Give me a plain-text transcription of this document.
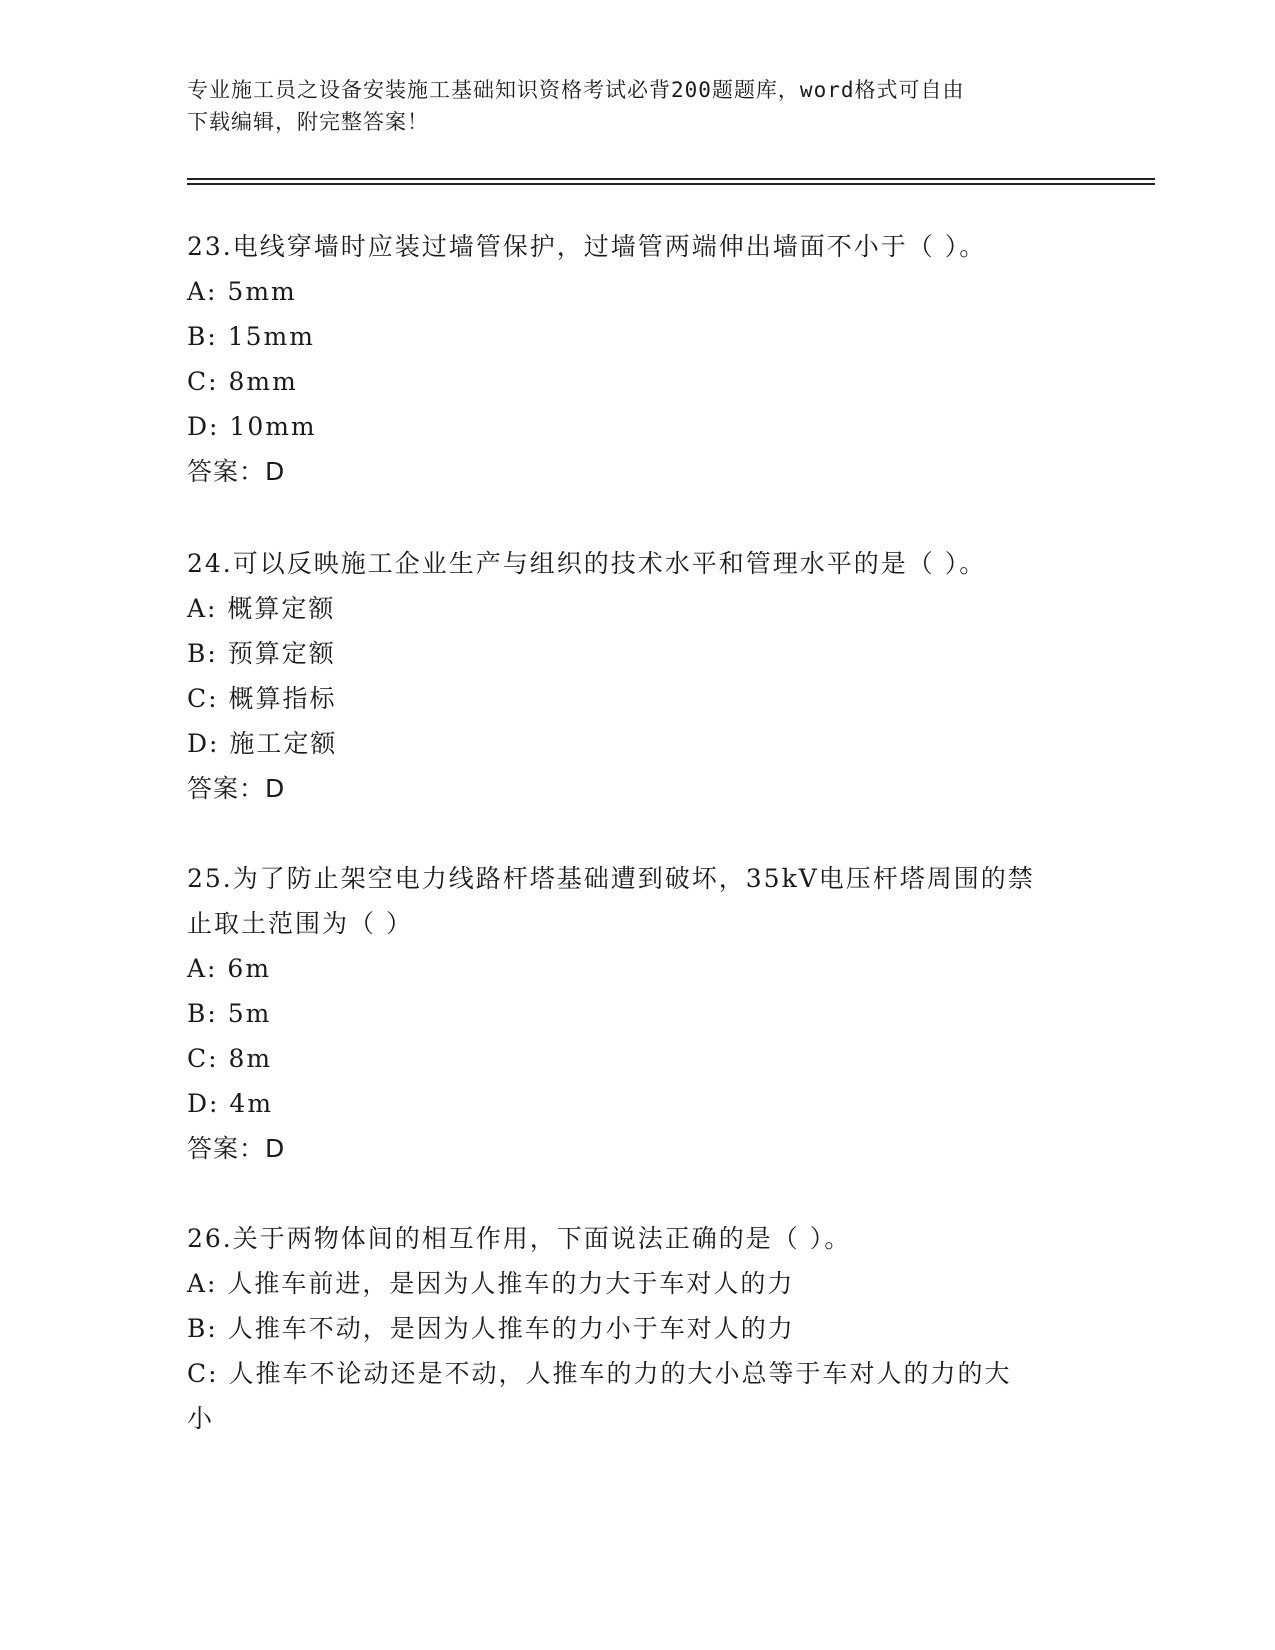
专业施工员之设备安装施工基础知识资格考试必背200题题库，word格式可自由
下载编辑，附完整答案！
23.电线穿墙时应装过墙管保护，过墙管两端伸出墙面不小于（ ）。
A: 5mm
B: 15mm
C: 8mm
D: 10mm
答案：D
24.可以反映施工企业生产与组织的技术水平和管理水平的是（ ）。
A: 概算定额
B: 预算定额
C: 概算指标
D: 施工定额
答案：D
25.为了防止架空电力线路杆塔基础遭到破坏，35kV电压杆塔周围的禁
止取土范围为（ ）
A: 6m
B: 5m
C: 8m
D: 4m
答案：D
26.关于两物体间的相互作用，下面说法正确的是（ ）。
A: 人推车前进，是因为人推车的力大于车对人的力
B: 人推车不动，是因为人推车的力小于车对人的力
C: 人推车不论动还是不动，人推车的力的大小总等于车对人的力的大
小
